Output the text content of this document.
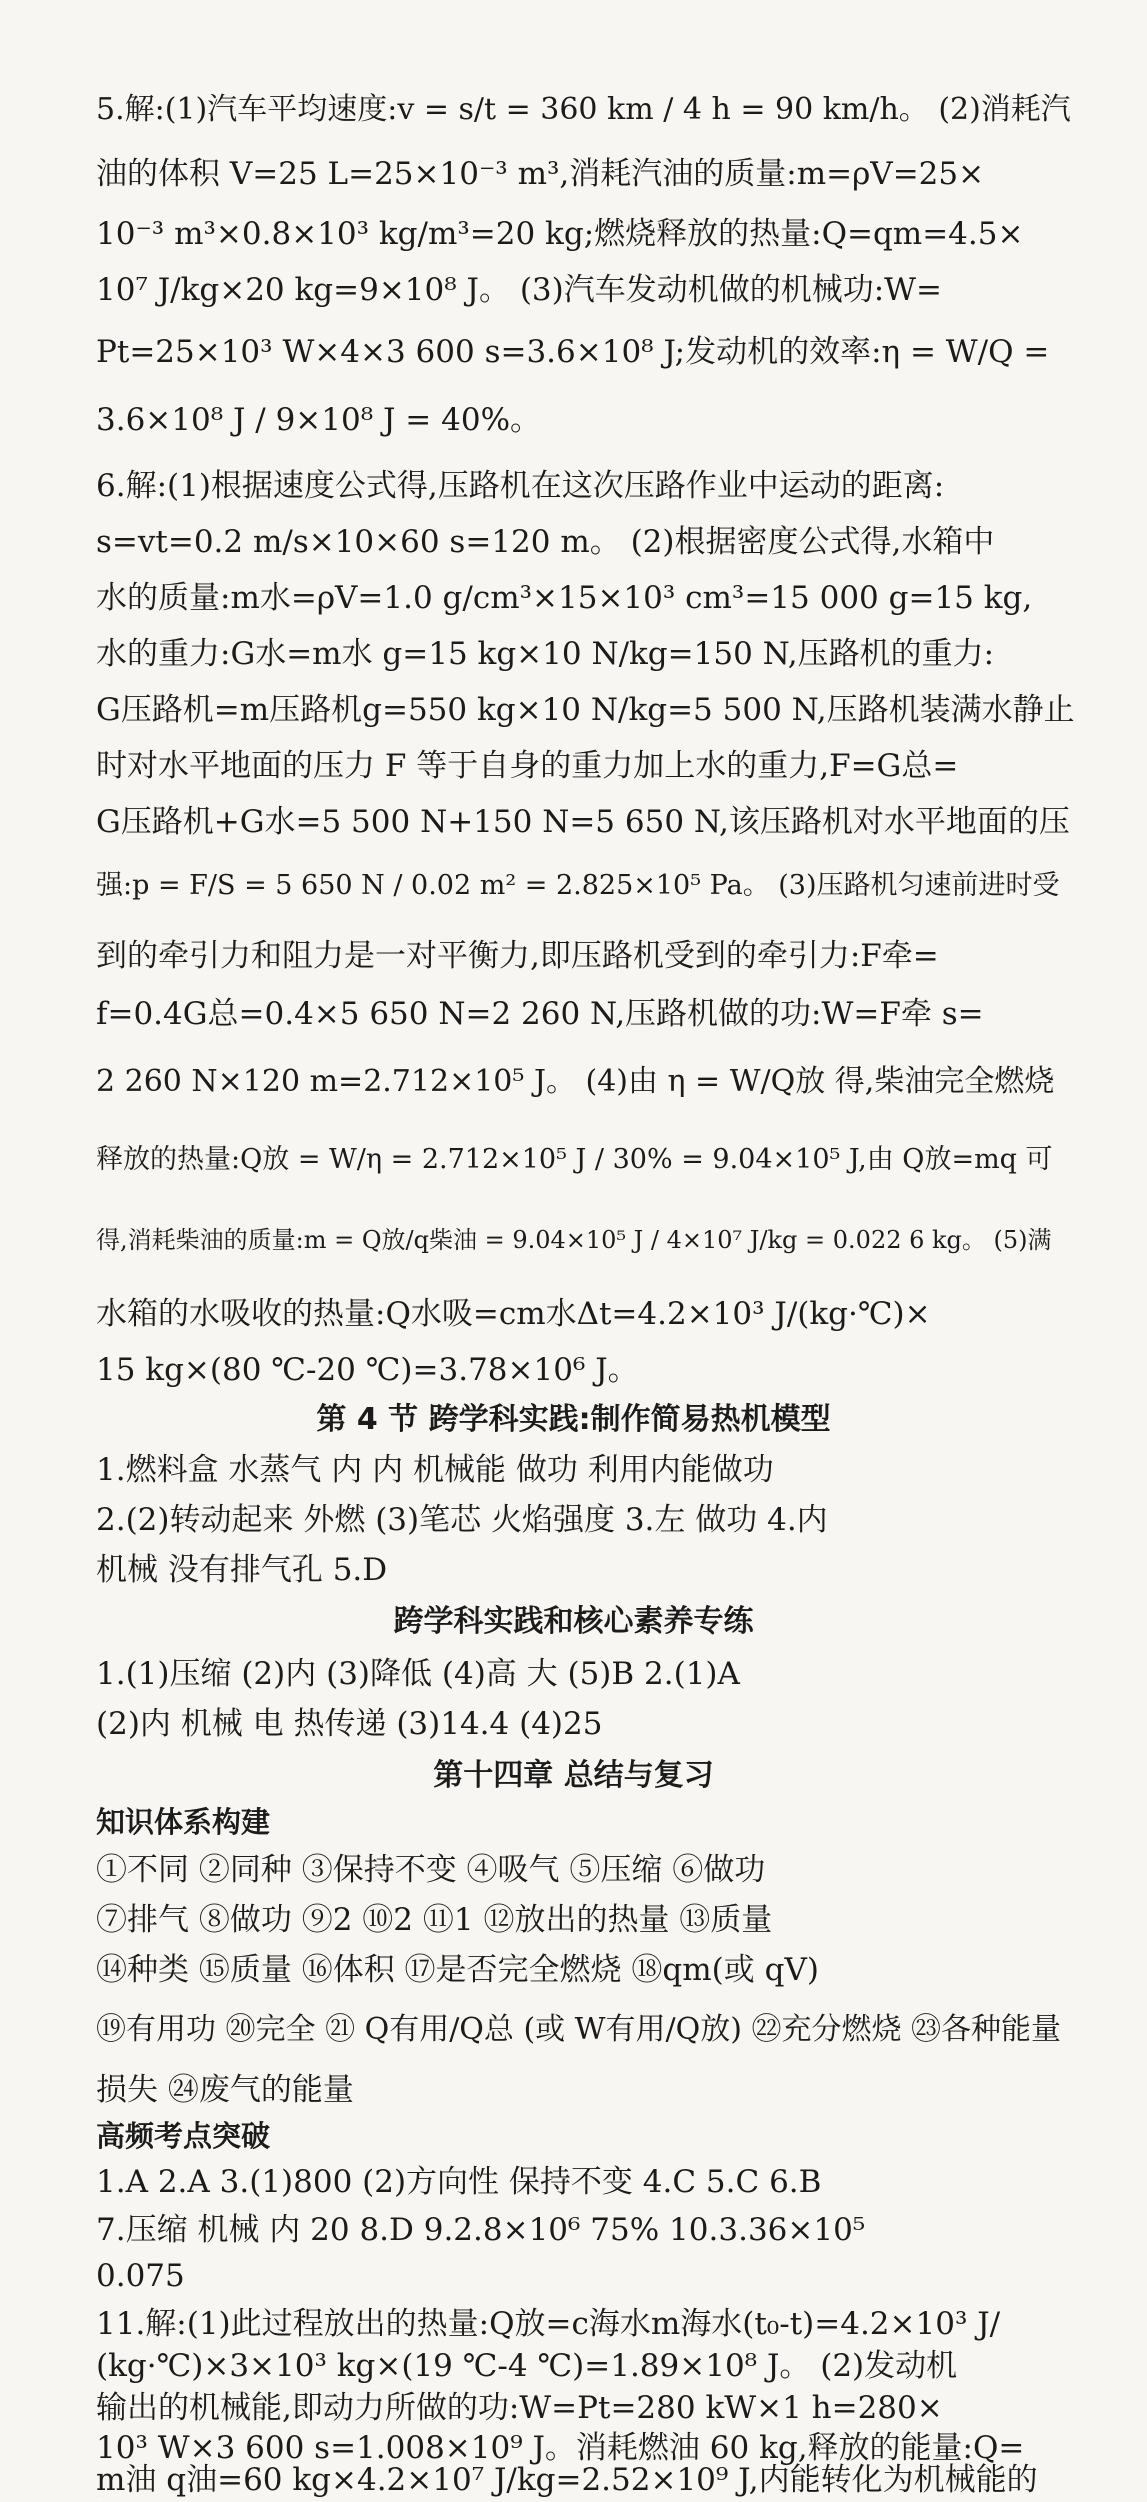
5.解:(1)汽车平均速度:v = s/t = 360 km / 4 h = 90 km/h。 (2)消耗汽
油的体积 V=25 L=25×10⁻³ m³,消耗汽油的质量:m=ρV=25×
10⁻³ m³×0.8×10³ kg/m³=20 kg;燃烧释放的热量:Q=qm=4.5×
10⁷ J/kg×20 kg=9×10⁸ J。 (3)汽车发动机做的机械功:W=
Pt=25×10³ W×4×3 600 s=3.6×10⁸ J;发动机的效率:η = W/Q =
3.6×10⁸ J / 9×10⁸ J = 40%。
6.解:(1)根据速度公式得,压路机在这次压路作业中运动的距离:
s=vt=0.2 m/s×10×60 s=120 m。 (2)根据密度公式得,水箱中
水的质量:m水=ρV=1.0 g/cm³×15×10³ cm³=15 000 g=15 kg,
水的重力:G水=m水 g=15 kg×10 N/kg=150 N,压路机的重力:
G压路机=m压路机g=550 kg×10 N/kg=5 500 N,压路机装满水静止
时对水平地面的压力 F 等于自身的重力加上水的重力,F=G总=
G压路机+G水=5 500 N+150 N=5 650 N,该压路机对水平地面的压
强:p = F/S = 5 650 N / 0.02 m² = 2.825×10⁵ Pa。 (3)压路机匀速前进时受
到的牵引力和阻力是一对平衡力,即压路机受到的牵引力:F牵=
f=0.4G总=0.4×5 650 N=2 260 N,压路机做的功:W=F牵 s=
2 260 N×120 m=2.712×10⁵ J。 (4)由 η = W/Q放 得,柴油完全燃烧
释放的热量:Q放 = W/η = 2.712×10⁵ J / 30% = 9.04×10⁵ J,由 Q放=mq 可
得,消耗柴油的质量:m = Q放/q柴油 = 9.04×10⁵ J / 4×10⁷ J/kg = 0.022 6 kg。 (5)满
水箱的水吸收的热量:Q水吸=cm水Δt=4.2×10³ J/(kg·℃)×
15 kg×(80 ℃-20 ℃)=3.78×10⁶ J。
第 4 节 跨学科实践:制作简易热机模型
1.燃料盒 水蒸气 内 内 机械能 做功 利用内能做功
2.(2)转动起来 外燃 (3)笔芯 火焰强度 3.左 做功 4.内
机械 没有排气孔 5.D
跨学科实践和核心素养专练
1.(1)压缩 (2)内 (3)降低 (4)高 大 (5)B 2.(1)A
(2)内 机械 电 热传递 (3)14.4 (4)25
第十四章 总结与复习
知识体系构建
①不同 ②同种 ③保持不变 ④吸气 ⑤压缩 ⑥做功
⑦排气 ⑧做功 ⑨2 ⑩2 ⑪1 ⑫放出的热量 ⑬质量
⑭种类 ⑮质量 ⑯体积 ⑰是否完全燃烧 ⑱qm(或 qV)
⑲有用功 ⑳完全 ㉑ Q有用/Q总 (或 W有用/Q放) ㉒充分燃烧 ㉓各种能量
损失 ㉔废气的能量
高频考点突破
1.A 2.A 3.(1)800 (2)方向性 保持不变 4.C 5.C 6.B
7.压缩 机械 内 20 8.D 9.2.8×10⁶ 75% 10.3.36×10⁵
0.075
11.解:(1)此过程放出的热量:Q放=c海水m海水(t₀-t)=4.2×10³ J/
(kg·℃)×3×10³ kg×(19 ℃-4 ℃)=1.89×10⁸ J。 (2)发动机
输出的机械能,即动力所做的功:W=Pt=280 kW×1 h=280×
10³ W×3 600 s=1.008×10⁹ J。消耗燃油 60 kg,释放的能量:Q=
m油 q油=60 kg×4.2×10⁷ J/kg=2.52×10⁹ J,内能转化为机械能的
效率:η = W/Q = 1.008×10⁹ J / 2.52×10⁹ J = 40%。
